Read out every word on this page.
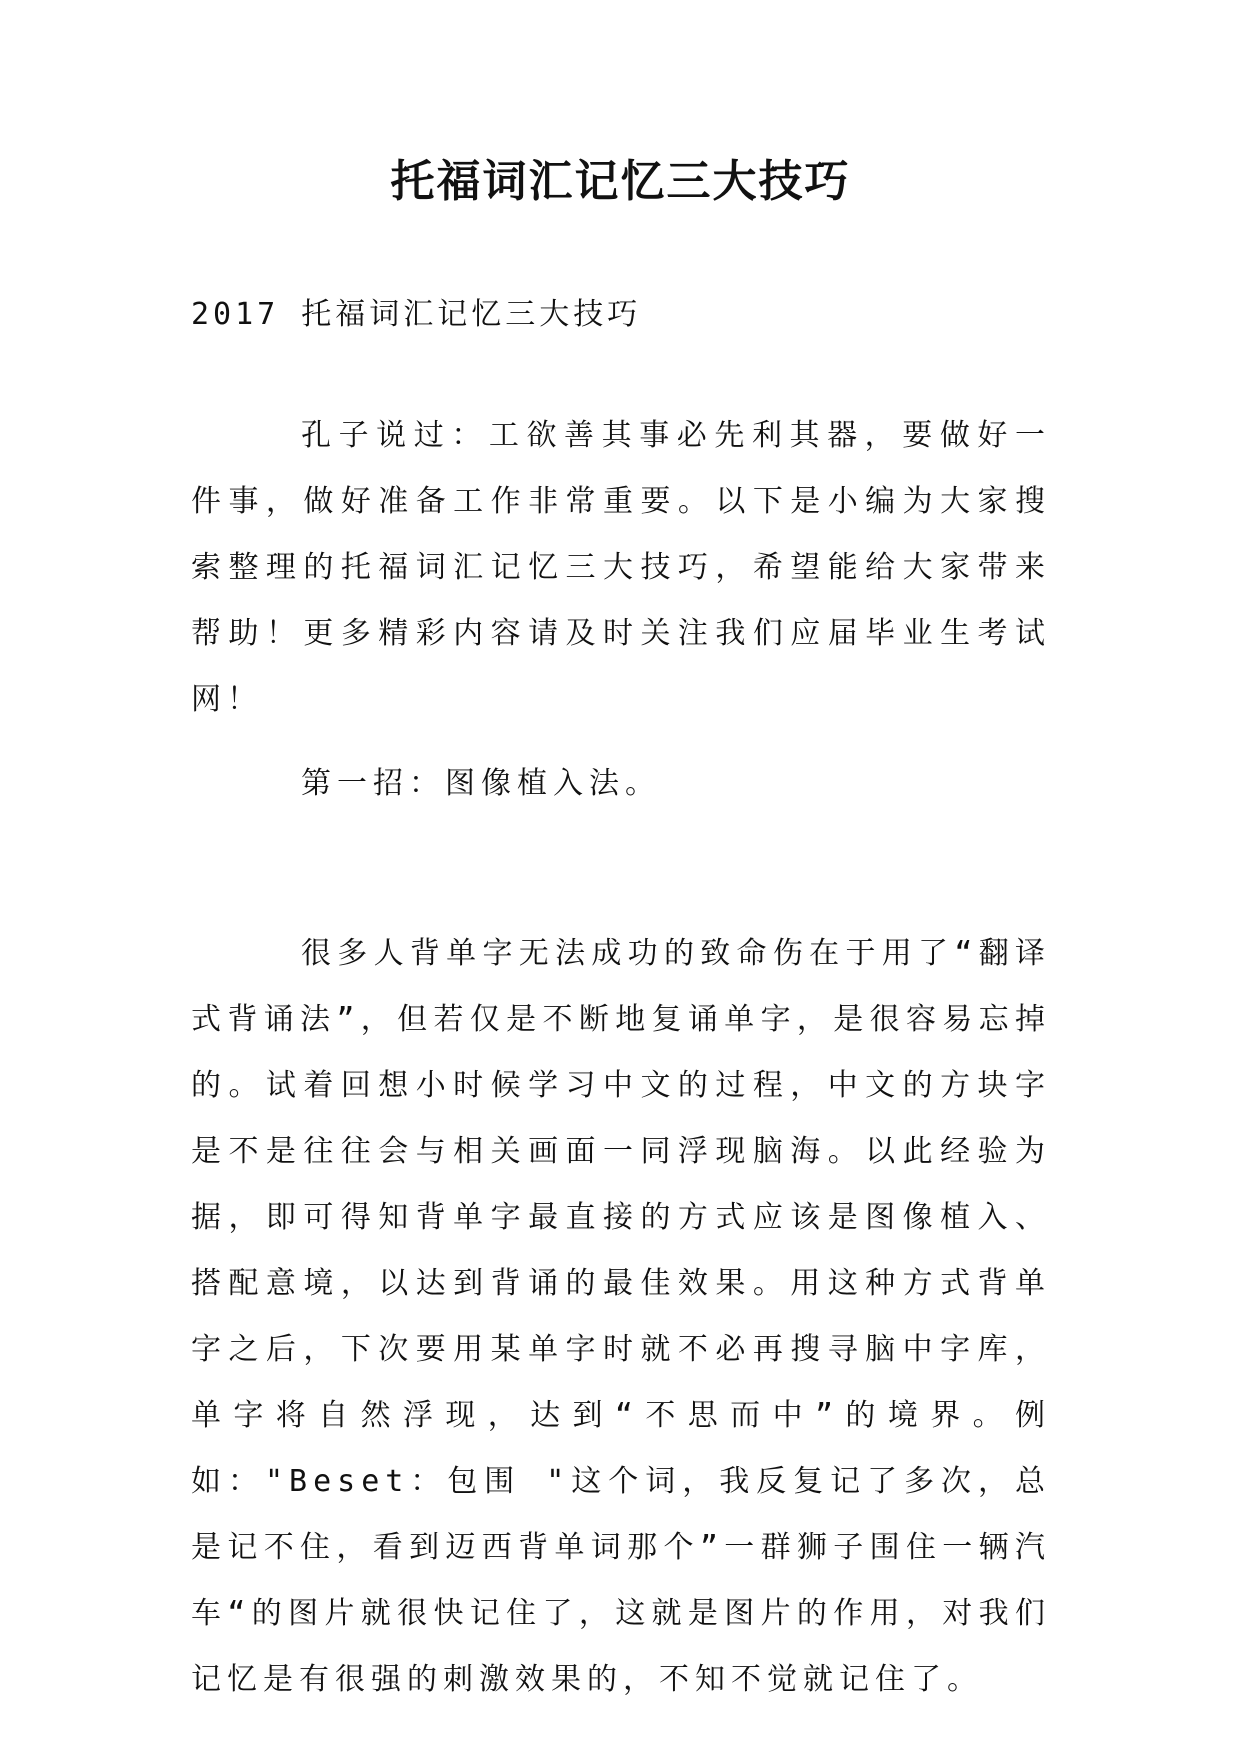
托福词汇记忆三大技巧
2017 托福词汇记忆三大技巧
孔子说过：工欲善其事必先利其器，要做好一件事，做好准备工作非常重要。以下是小编为大家搜索整理的托福词汇记忆三大技巧，希望能给大家带来帮助！更多精彩内容请及时关注我们应届毕业生考试网！
第一招：图像植入法。
很多人背单字无法成功的致命伤在于用了“翻译式背诵法”，但若仅是不断地复诵单字，是很容易忘掉的。试着回想小时候学习中文的过程，中文的方块字是不是往往会与相关画面一同浮现脑海。以此经验为据，即可得知背单字最直接的方式应该是图像植入、搭配意境，以达到背诵的最佳效果。用这种方式背单字之后，下次要用某单字时就不必再搜寻脑中字库，单字将自然浮现，达到“不思而中”的境界。例如："Beset：包围 "这个词，我反复记了多次，总是记不住，看到迈西背单词那个”一群狮子围住一辆汽车“的图片就很快记住了，这就是图片的作用，对我们记忆是有很强的刺激效果的，不知不觉就记住了。
